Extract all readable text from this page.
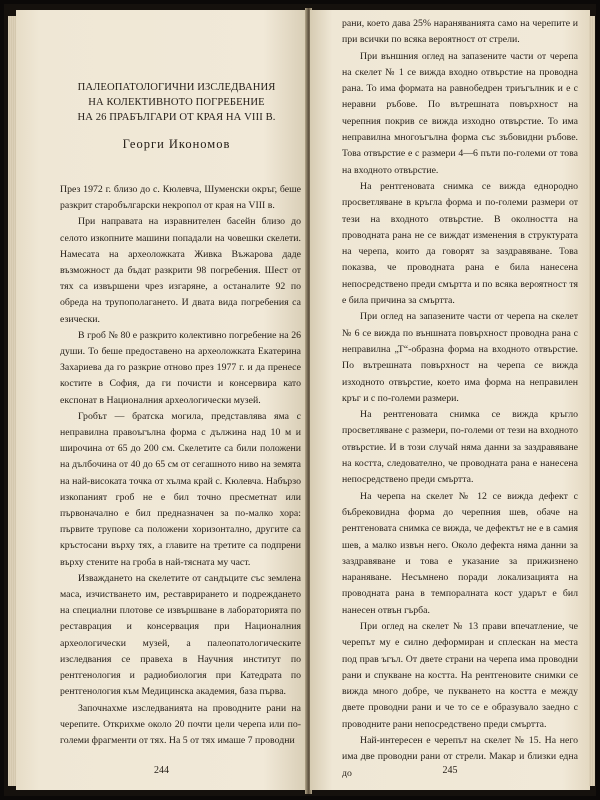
ПАЛЕОПАТОЛОГИЧНИ ИЗСЛЕДВАНИЯ
НА КОЛЕКТИВНОТО ПОГРЕБЕНИЕ
НА 26 ПРАБЪЛГАРИ ОТ КРАЯ НА VIII В.
Георги Икономов

През 1972 г. близо до с. Кюлевча, Шуменски окръг, беше разкрит старобългарски некропол от края на VIII в.

При направата на изравнителен басейн близо до селото изкопните машини попадали на човешки скелети. Намесата на археоложката Живка Въжарова даде възможност да бъдат разкрити 98 погребения. Шест от тях са извършени чрез изгаряне, а останалите 92 по обреда на трупополагането. И двата вида погребения са езически.

В гроб № 80 е разкрито колективно погребение на 26 души. То беше предоставено на археоложката Екатерина Захариева да го разкрие отново през 1977 г. и да пренесе костите в София, да ги почисти и консервира като експонат в Националния археологически музей.

Гробът — братска могила, представлява яма с неправилна правоъгълна форма с дължина над 10 м и широчина от 65 до 200 см. Скелетите са били положени на дълбочина от 40 до 65 см от сегашното ниво на земята на най-високата точка от хълма край с. Кюлевча. Набързо изкопаният гроб не е бил точно пресметнат или първоначално е бил предназначен за по-малко хора: първите трупове са положени хоризонтално, другите са кръстосани върху тях, а главите на третите са подпрени върху стените на гроба в най-тясната му част.

Изваждането на скелетите от сандъците със землена маса, изчистването им, реставрирането и подреждането на специални плотове се извършване в лабораторията по реставрация и консервация при Националния археологически музей, а палеопатологическите изследвания се правеха в Научния институт по рентгенология и радиобиология при Катедрата по рентгенология към Медицинска академия, база първа.

Започнахме изследванията на проводните рани на черепите. Открихме около 20 почти цели черепа или по-големи фрагменти от тях. На 5 от тях имаше 7 проводни

244

рани, което дава 25% нараняванията само на черепите и при всички по всяка вероятност от стрели.

При външния оглед на запазените части от черепа на скелет № 1 се вижда входно отвърстие на проводна рана. То има формата на равнобедрен триъгълник и е с неравни ръбове. По вътрешната повърхност на черепния покрив се вижда изходно отвърстие. То има неправилна многоъгълна форма със зъбовидни ръбове. Това отвърстие е с размери 4—6 пъти по-големи от това на входното отвърстие.

На рентгеновата снимка се вижда еднородно просветляване в кръгла форма и по-големи размери от тези на входното отвърстие. В околността на проводната рана не се виждат изменения в структурата на черепа, които да говорят за заздравяване. Това показва, че проводната рана е била нанесена непосредствено преди смъртта и по всяка вероятност тя е била причина за смъртта.

При оглед на запазените части от черепа на скелет № 6 се вижда по външната повърхност проводна рана с неправилна „Т“-образна форма на входното отвърстие. По вътрешната повърхност на черепа се вижда изходното отвърстие, което има форма на неправилен кръг и с по-големи размери.

На рентгеновата снимка се вижда кръгло просветляване с размери, по-големи от тези на входното отвърстие. И в този случай няма данни за заздравяване на костта, следователно, че проводната рана е нанесена непосредствено преди смъртта.

На черепа на скелет № 12 се вижда дефект с бъбрековидна форма до черепния шев, обаче на рентгеновата снимка се вижда, че дефектът не е в самия шев, а малко извън него. Около дефекта няма данни за заздравяване и това е указание за прижизнено нараняване. Несъмнено поради локализацията на проводната рана в темпоралната кост ударът е бил нанесен отвън гърба.

При оглед на скелет № 13 прави впечатление, че черепът му е силно деформиран и сплескан на места под прав ъгъл. От двете страни на черепа има проводни рани и спукване на костта. На рентгеновите снимки се вижда много добре, че пукването на костта е между двете проводни рани и че то се е образувало заедно с проводните рани непосредствено преди смъртта.

Най-интересен е черепът на скелет № 15. На него има две проводни рани от стрели. Макар и близки една до	245
